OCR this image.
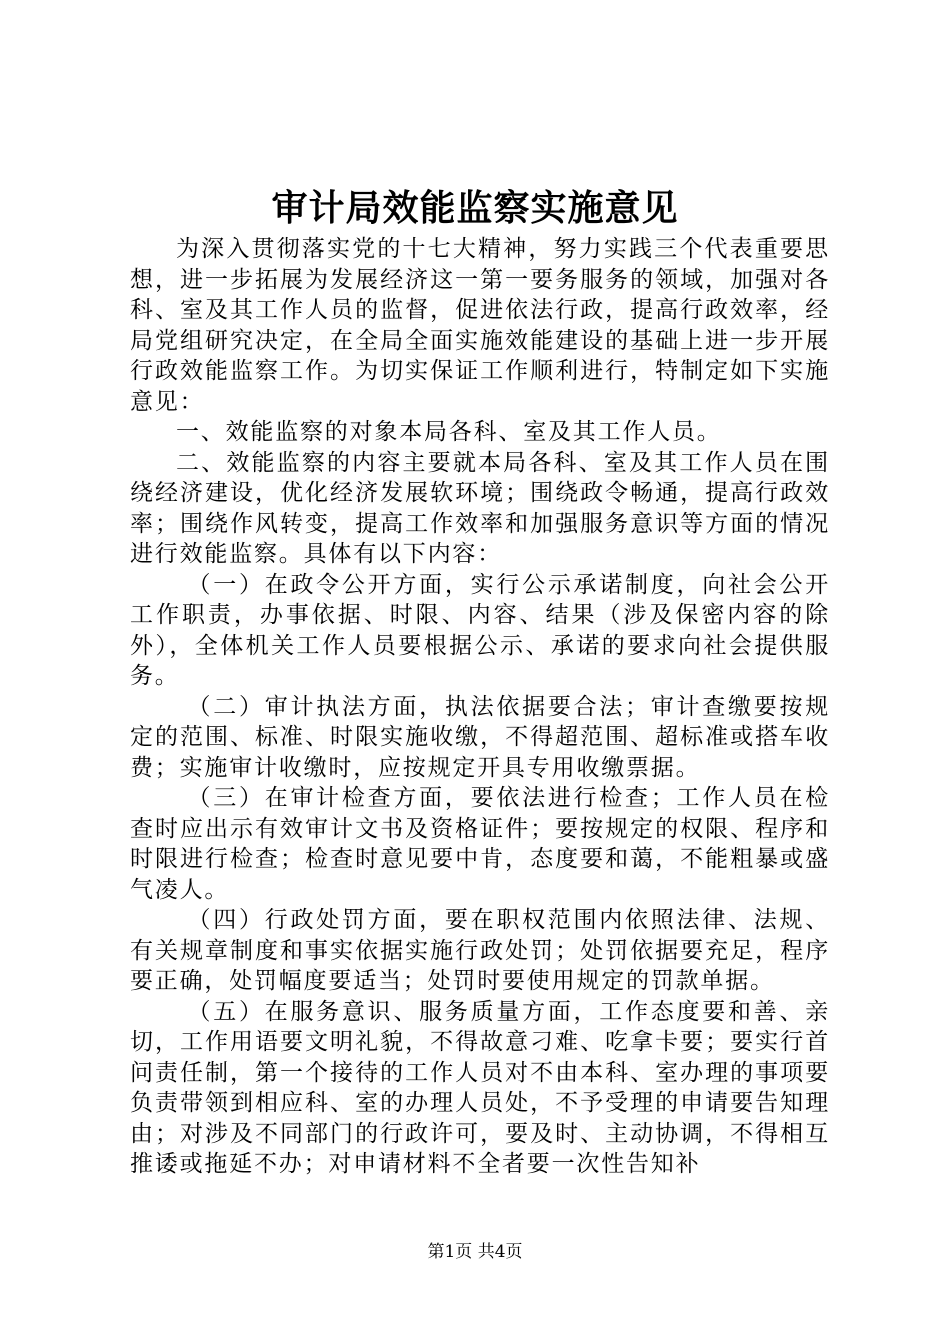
审计局效能监察实施意见

为深入贯彻落实党的十七大精神，努力实践三个代表重要思想，进一步拓展为发展经济这一第一要务服务的领域，加强对各科、室及其工作人员的监督，促进依法行政，提高行政效率，经局党组研究决定，在全局全面实施效能建设的基础上进一步开展行政效能监察工作。为切实保证工作顺利进行，特制定如下实施意见：

一、效能监察的对象本局各科、室及其工作人员。

二、效能监察的内容主要就本局各科、室及其工作人员在围绕经济建设，优化经济发展软环境；围绕政令畅通，提高行政效率；围绕作风转变，提高工作效率和加强服务意识等方面的情况进行效能监察。具体有以下内容：

（一）在政令公开方面，实行公示承诺制度，向社会公开工作职责，办事依据、时限、内容、结果（涉及保密内容的除外），全体机关工作人员要根据公示、承诺的要求向社会提供服务。

（二）审计执法方面，执法依据要合法；审计查缴要按规定的范围、标准、时限实施收缴，不得超范围、超标准或搭车收费；实施审计收缴时，应按规定开具专用收缴票据。

（三）在审计检查方面，要依法进行检查；工作人员在检查时应出示有效审计文书及资格证件；要按规定的权限、程序和时限进行检查；检查时意见要中肯，态度要和蔼，不能粗暴或盛气凌人。

（四）行政处罚方面，要在职权范围内依照法律、法规、有关规章制度和事实依据实施行政处罚；处罚依据要充足，程序要正确，处罚幅度要适当；处罚时要使用规定的罚款单据。

（五）在服务意识、服务质量方面，工作态度要和善、亲切，工作用语要文明礼貌，不得故意刁难、吃拿卡要；要实行首问责任制，第一个接待的工作人员对不由本科、室办理的事项要负责带领到相应科、室的办理人员处，不予受理的申请要告知理由；对涉及不同部门的行政许可，要及时、主动协调，不得相互推诿或拖延不办；对申请材料不全者要一次性告知补

第1页 共4页
